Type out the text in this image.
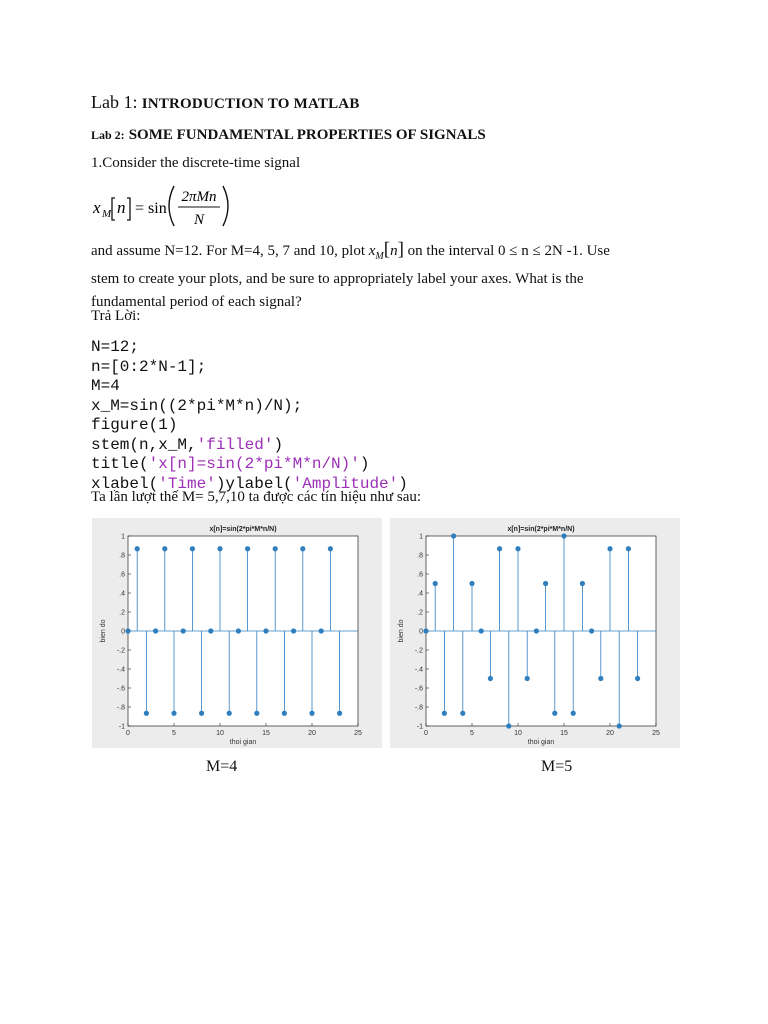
Lab 1: INTRODUCTION TO MATLAB
Lab 2: SOME FUNDAMENTAL PROPERTIES OF SIGNALS
1.Consider the discrete-time signal
x M n = sin
2πMn
N
and assume N=12. For M=4, 5, 7 and 10, plot $x_M[n]$ on the interval 0 ≤ n ≤ 2N -1. Use
stem to create your plots, and be sure to appropriately label your axes. What is the
fundamental period of each signal?
Trả Lời:
N=12;
n=[0:2*N-1];
M=4
x_M=sin((2*pi*M*n)/N);
figure(1)
stem(n,x_M,'filled')
title('x[n]=sin(2*pi*M*n/N)')
xlabel('Time')ylabel('Amplitude')
Ta lần lượt thế M= 5,7,10 ta được các tín hiệu như sau:
x[n]=sin(2*pi*M*n/N)
0	5	10	15	20	25
-1
-.8
-.6
-.4
-.2
0
.2
.4
.6
.8
1
thoi gian
bien do
x[n]=sin(2*pi*M*n/N)
0	5	10	15	20	25
-1
-.8
-.6
-.4
-.2
0
.2
.4
.6
.8
1
thoi gian
bien do
M=4	M=5
